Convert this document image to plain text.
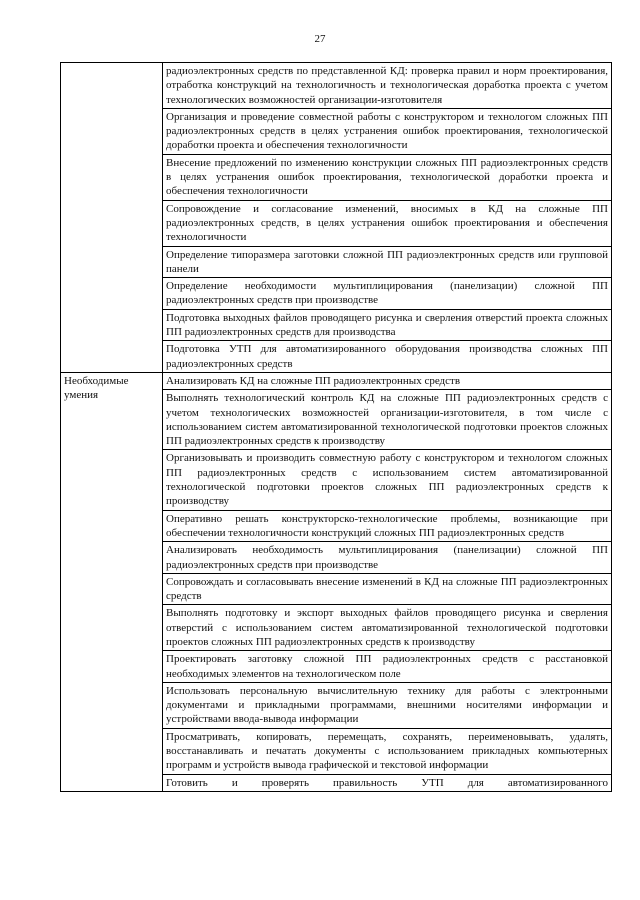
27
	радиоэлектронных средств по представленной КД: проверка правил и норм проектирования, отработка конструкций на технологичность и технологическая доработка проекта с учетом технологических возможностей организации-изготовителя
	Организация и проведение совместной работы с конструктором и технологом сложных ПП радиоэлектронных средств в целях устранения ошибок проектирования, технологической доработки проекта и обеспечения технологичности
	Внесение предложений по изменению конструкции сложных ПП радиоэлектронных средств в целях устранения ошибок проектирования, технологической доработки проекта и обеспечения технологичности
	Сопровождение и согласование изменений, вносимых в КД на сложные ПП радиоэлектронных средств, в целях устранения ошибок проектирования и обеспечения технологичности
	Определение типоразмера заготовки сложной ПП радиоэлектронных средств или групповой панели
	Определение необходимости мультиплицирования (панелизации) сложной ПП радиоэлектронных средств при производстве
	Подготовка выходных файлов проводящего рисунка и сверления отверстий проекта сложных ПП радиоэлектронных средств для производства
	Подготовка УТП для автоматизированного оборудования производства сложных ПП радиоэлектронных средств
Необходимые умения	Анализировать КД на сложные ПП радиоэлектронных средств
	Выполнять технологический контроль КД на сложные ПП радиоэлектронных средств с учетом технологических возможностей организации-изготовителя, в том числе с использованием систем автоматизированной технологической подготовки проектов сложных ПП радиоэлектронных средств к производству
	Организовывать и производить совместную работу с конструктором и технологом сложных ПП радиоэлектронных средств с использованием систем автоматизированной технологической подготовки проектов сложных ПП радиоэлектронных средств к производству
	Оперативно решать конструкторско-технологические проблемы, возникающие при обеспечении технологичности конструкций сложных ПП радиоэлектронных средств
	Анализировать необходимость мультиплицирования (панелизации) сложной ПП радиоэлектронных средств при производстве
	Сопровождать и согласовывать внесение изменений в КД на сложные ПП радиоэлектронных средств
	Выполнять подготовку и экспорт выходных файлов проводящего рисунка и сверления отверстий с использованием систем автоматизированной технологической подготовки проектов сложных ПП радиоэлектронных средств к производству
	Проектировать заготовку сложной ПП радиоэлектронных средств с расстановкой необходимых элементов на технологическом поле
	Использовать персональную вычислительную технику для работы с электронными документами и прикладными программами, внешними носителями информации и устройствами ввода-вывода информации
	Просматривать, копировать, перемещать, сохранять, переименовывать, удалять, восстанавливать и печатать документы с использованием прикладных компьютерных программ и устройств вывода графической и текстовой информации
	Готовить и проверять правильность УТП для автоматизированного
